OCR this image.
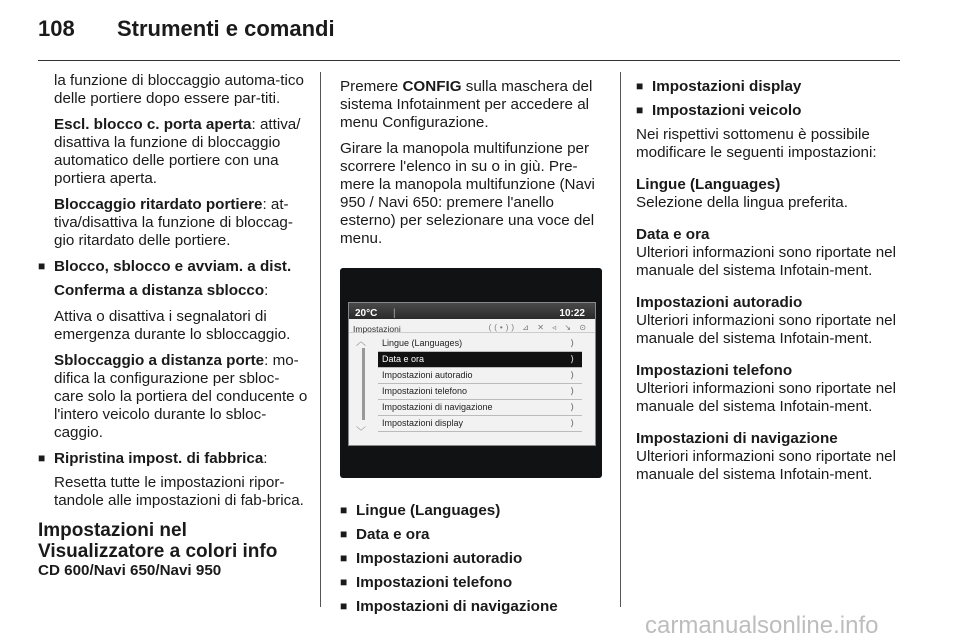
108 Strumenti e comandi

la funzione di bloccaggio automa-tico delle portiere dopo essere par-titi.

Escl. blocco c. porta aperta: attiva/ disattiva la funzione di bloccaggio automatico delle portiere con una portiera aperta.

Bloccaggio ritardato portiere: at-tiva/disattiva la funzione di bloccag-gio ritardato delle portiere.

■ Blocco, sblocco e avviam. a dist.

Conferma a distanza sblocco:

Attiva o disattiva i segnalatori di emergenza durante lo sbloccaggio.

Sbloccaggio a distanza porte: mo-difica la configurazione per sbloc-care solo la portiera del conducente o l'intero veicolo durante lo sbloc-caggio.

■ Ripristina impost. di fabbrica:

Resetta tutte le impostazioni ripor-tandole alle impostazioni di fab-brica.

Impostazioni nel Visualizzatore a colori info

CD 600/Navi 650/Navi 950

Premere CONFIG sulla maschera del sistema Infotainment per accedere al menu Configurazione.

Girare la manopola multifunzione per scorrere l'elenco in su o in giù. Pre-mere la manopola multifunzione (Navi 950 / Navi 650: premere l'anello esterno) per selezionare una voce del menu.

20°C |	10:22
Impostazioni	((•)) ⊿ ✕ ◃ ↘ ⊙
︿
﹀
Lingue (Languages)	⟩
Data e ora	⟩
Impostazioni autoradio	⟩
Impostazioni telefono	⟩
Impostazioni di navigazione	⟩
Impostazioni display	⟩

■ Lingue (Languages)

■ Data e ora

■ Impostazioni autoradio

■ Impostazioni telefono

■ Impostazioni di navigazione

■ Impostazioni display

■ Impostazioni veicolo

Nei rispettivi sottomenu è possibile modificare le seguenti impostazioni:

Lingue (Languages)

Selezione della lingua preferita.

Data e ora

Ulteriori informazioni sono riportate nel manuale del sistema Infotain-ment.

Impostazioni autoradio

Ulteriori informazioni sono riportate nel manuale del sistema Infotain-ment.

Impostazioni telefono

Ulteriori informazioni sono riportate nel manuale del sistema Infotain-ment.

Impostazioni di navigazione

Ulteriori informazioni sono riportate nel manuale del sistema Infotain-ment.

carmanualsonline.info
